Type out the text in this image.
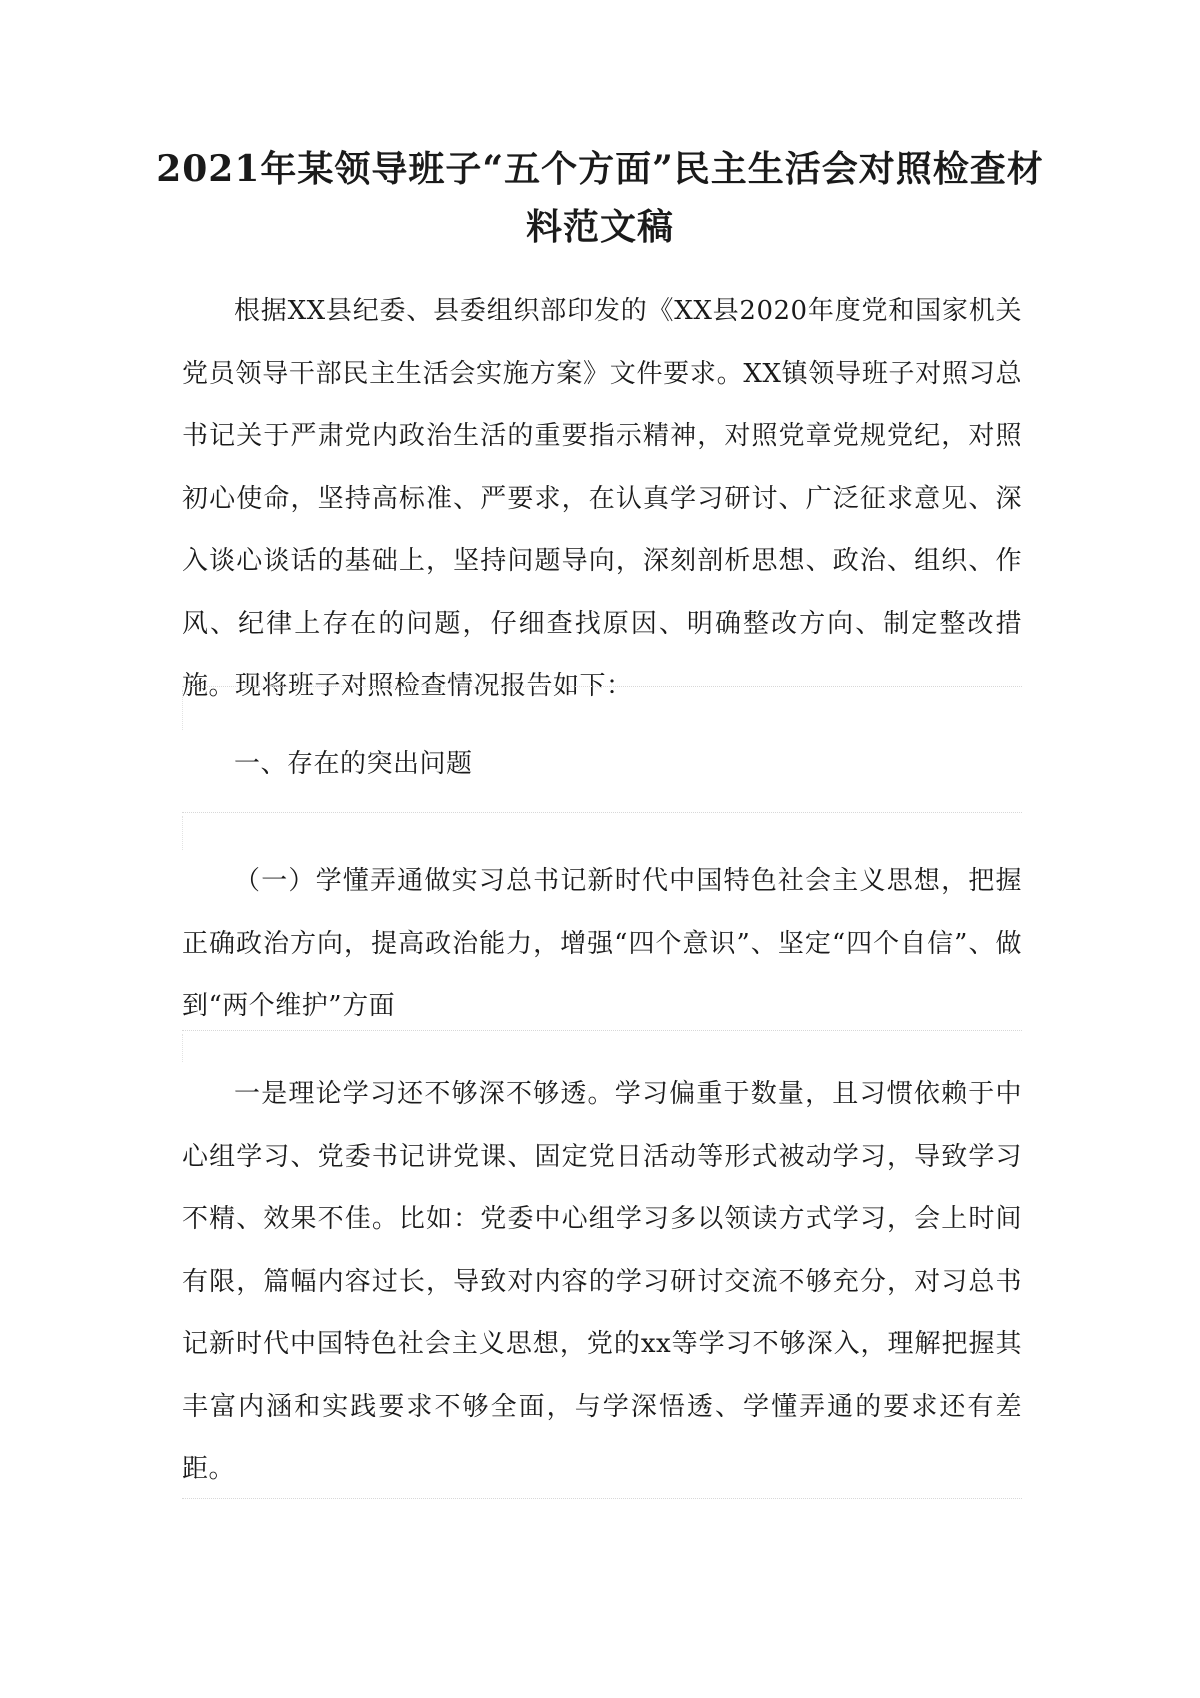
2021年某领导班子“五个方面”民主生活会对照检查材料范文稿

根据XX县纪委、县委组织部印发的《XX县2020年度党和国家机关党员领导干部民主生活会实施方案》文件要求。XX镇领导班子对照习总书记关于严肃党内政治生活的重要指示精神，对照党章党规党纪，对照初心使命，坚持高标准、严要求，在认真学习研讨、广泛征求意见、深入谈心谈话的基础上，坚持问题导向，深刻剖析思想、政治、组织、作风、纪律上存在的问题，仔细查找原因、明确整改方向、制定整改措施。现将班子对照检查情况报告如下：

一、存在的突出问题

（一）学懂弄通做实习总书记新时代中国特色社会主义思想，把握正确政治方向，提高政治能力，增强“四个意识”、坚定“四个自信”、做到“两个维护”方面

一是理论学习还不够深不够透。学习偏重于数量，且习惯依赖于中心组学习、党委书记讲党课、固定党日活动等形式被动学习，导致学习不精、效果不佳。比如：党委中心组学习多以领读方式学习，会上时间有限，篇幅内容过长，导致对内容的学习研讨交流不够充分，对习总书记新时代中国特色社会主义思想，党的xx等学习不够深入，理解把握其丰富内涵和实践要求不够全面，与学深悟透、学懂弄通的要求还有差距。
